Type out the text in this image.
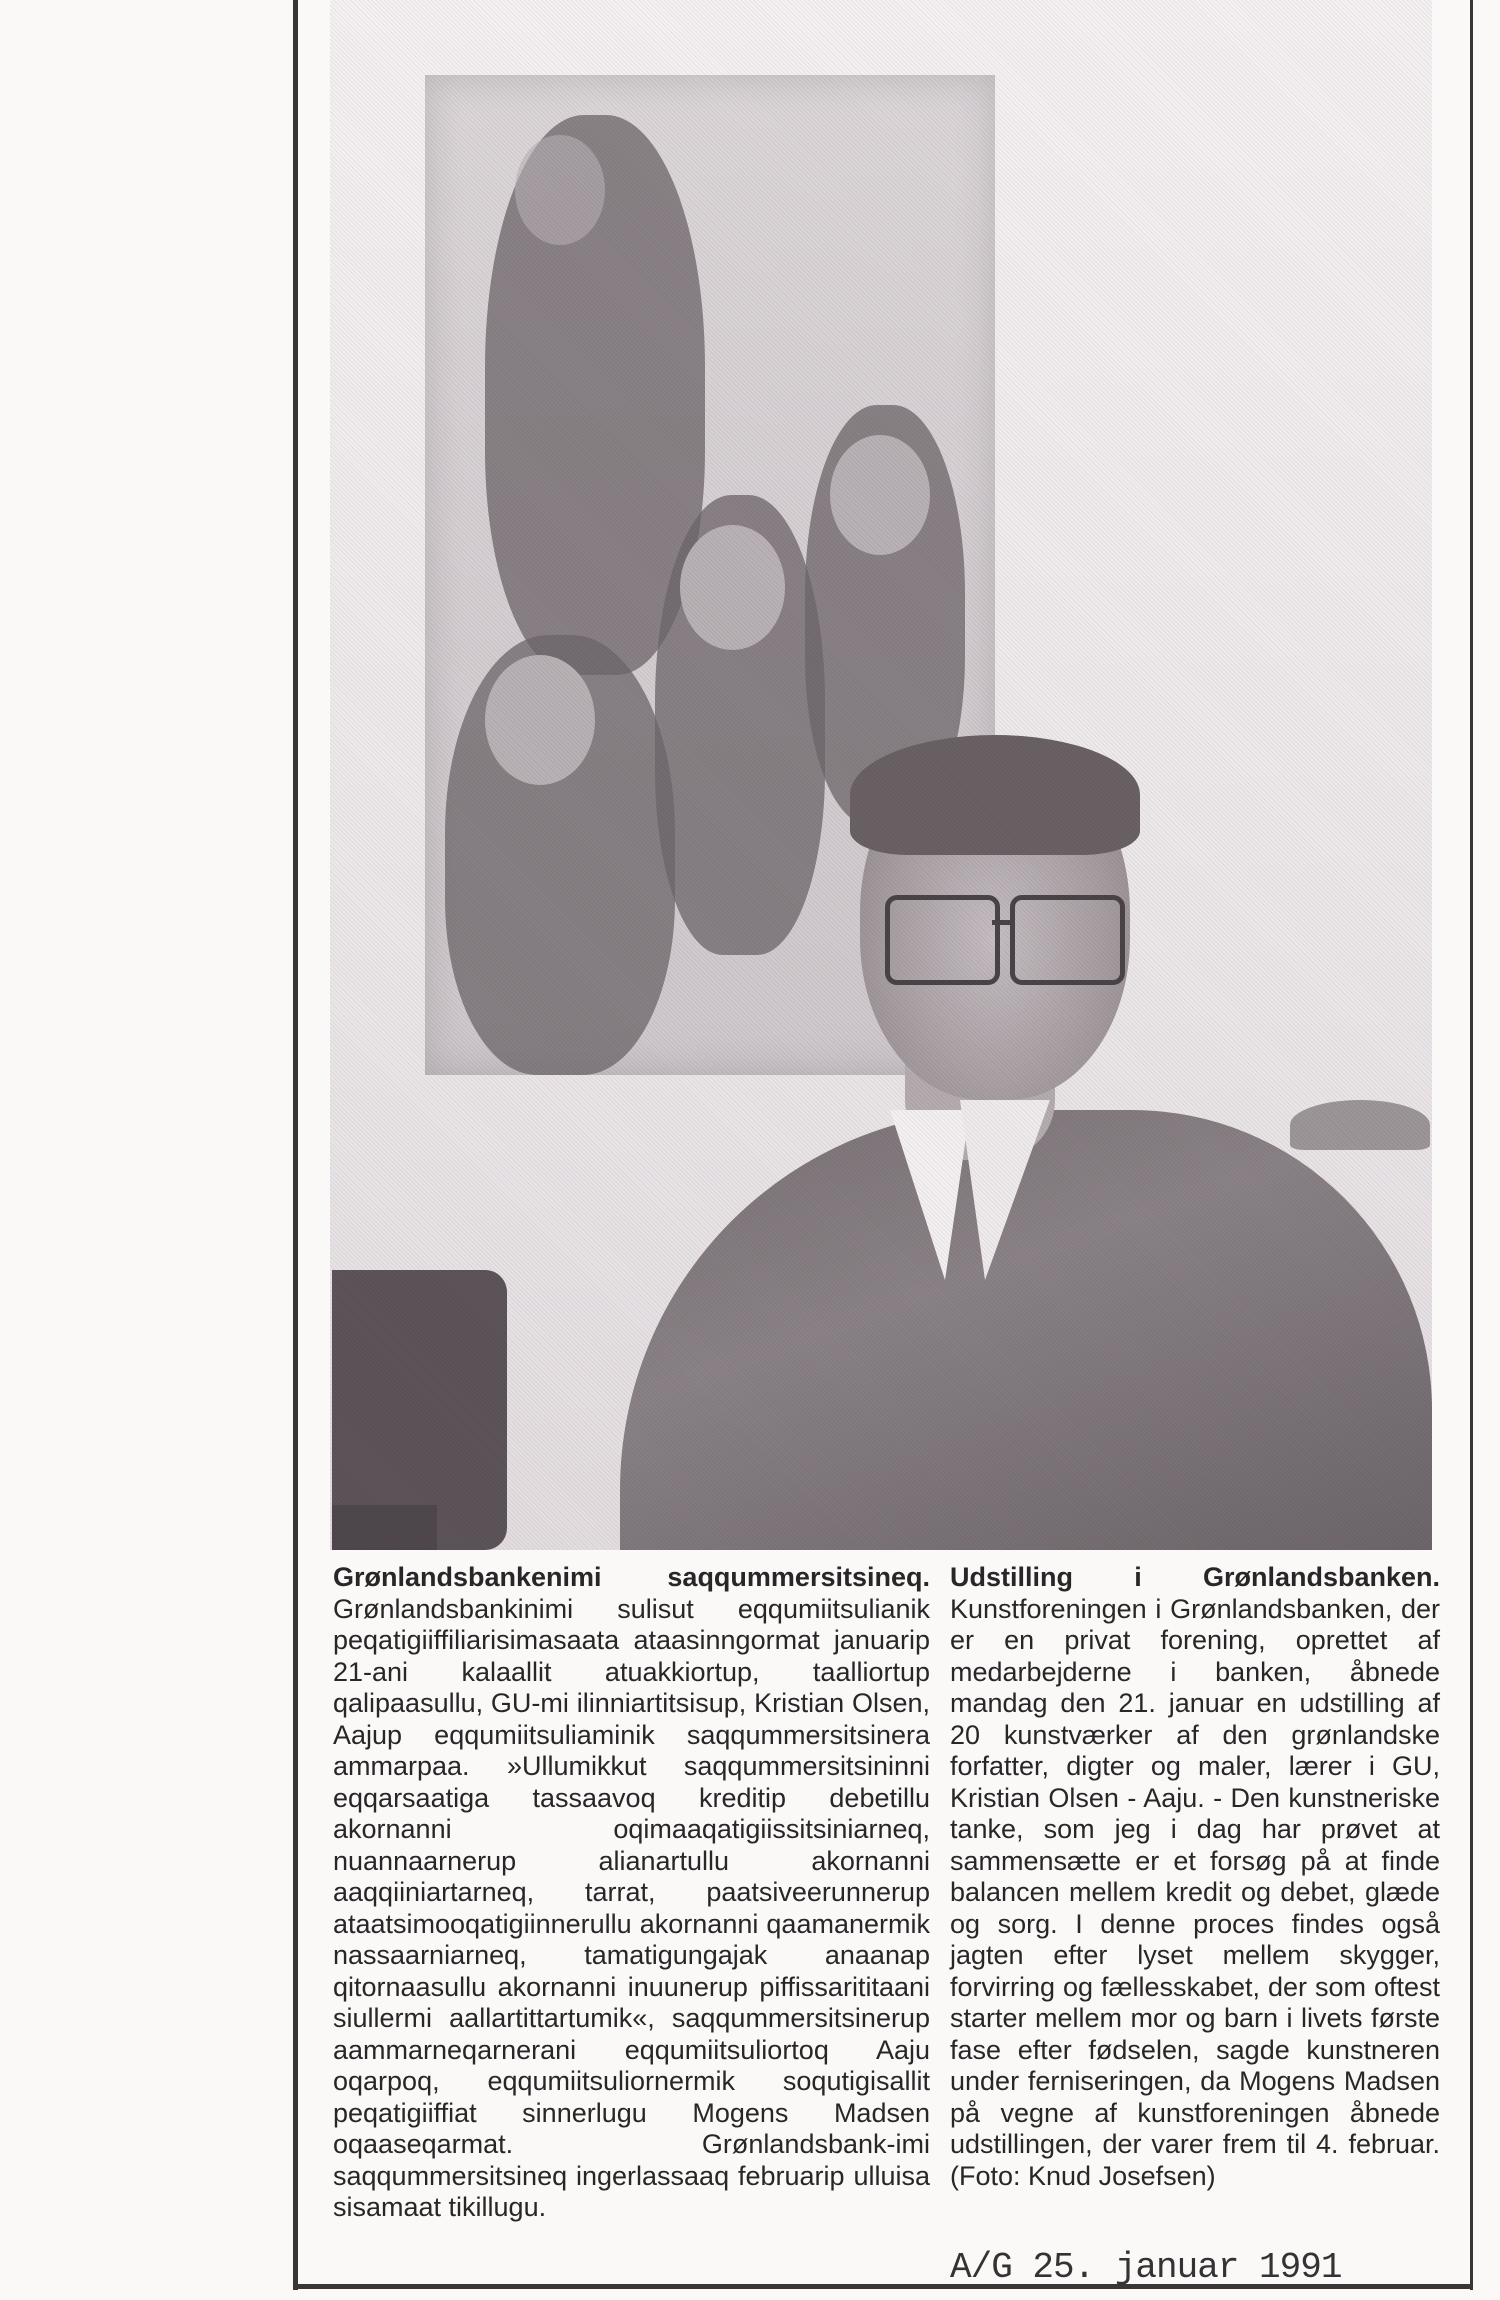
Grønlandsbankenimi saqqummersitsineq. Grønlandsbankinimi sulisut eqqumiitsulianik peqatigiiffiliarisimasaata ataasinngormat januarip 21-ani kalaallit atuakkiortup, taalliortup qalipaasullu, GU-mi ilinniartitsisup, Kristian Olsen, Aajup eqqumiitsuliaminik saqqummersitsinera ammarpaa. »Ullumikkut saqqummersitsininni eqqarsaatiga tassaavoq kreditip debetillu akornanni oqimaaqatigiissitsiniarneq, nuannaarnerup alianartullu akornanni aaqqiiniartarneq, tarrat, paatsiveerunnerup ataatsimooqatigiinnerullu akornanni qaamanermik nassaarniarneq, tamatigungajak anaanap qitornaasullu akornanni inuunerup piffissarititaani siullermi aallartittartumik«, saqqummersitsinerup aammarneqarnerani eqqumiitsuliortoq Aaju oqarpoq, eqqumiitsuliornermik soqutigisallit peqatigiiffiat sinnerlugu Mogens Madsen oqaaseqarmat. Grønlandsbank-imi saqqummersitsineq ingerlassaaq februarip ulluisa sisamaat tikillugu.
Udstilling i Grønlandsbanken. Kunstforeningen i Grønlandsbanken, der er en privat forening, oprettet af medarbejderne i banken, åbnede mandag den 21. januar en udstilling af 20 kunstværker af den grønlandske forfatter, digter og maler, lærer i GU, Kristian Olsen - Aaju. - Den kunstneriske tanke, som jeg i dag har prøvet at sammensætte er et forsøg på at finde balancen mellem kredit og debet, glæde og sorg. I denne proces findes også jagten efter lyset mellem skygger, forvirring og fællesskabet, der som oftest starter mellem mor og barn i livets første fase efter fødselen, sagde kunstneren under ferniseringen, da Mogens Madsen på vegne af kunstforeningen åbnede udstillingen, der varer frem til 4. februar. (Foto: Knud Josefsen)
A/G 25. januar 1991
